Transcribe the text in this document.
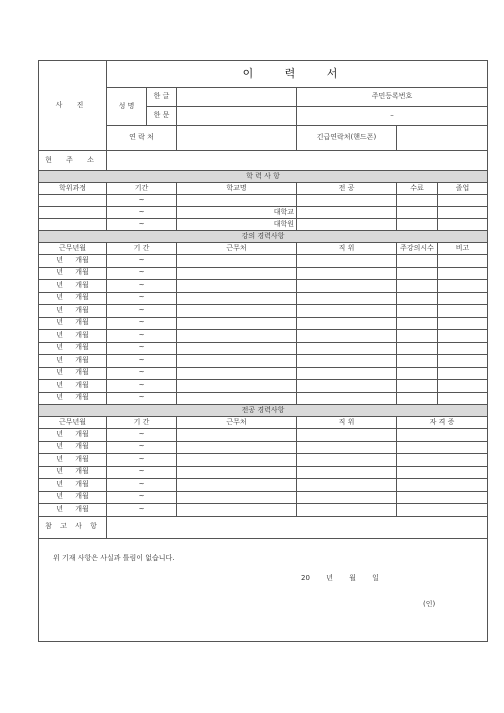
사 진	이 력 서					
	성 명	한 글		주민등록번호		
		한 문		–		
	연 락 처			긴급연락처(핸드폰)		
현 주 소						
학 력 사 항						
학위과정	기간		학교명	전 공	수료	졸업
	~					
	~		대학교			
	~		대학원			
강의 경력사항						
근무년월	기 간		근무처	직 위	주강의시수	비고
년 개월	~					
년 개월	~					
년 개월	~					
년 개월	~					
년 개월	~					
년 개월	~					
년 개월	~					
년 개월	~					
년 개월	~					
년 개월	~					
년 개월	~					
년 개월	~					
전공 경력사항						
근무년월	기 간		근무처	직 위	자 격 증	
년 개월	~					
년 개월	~					
년 개월	~					
년 개월	~					
년 개월	~					
년 개월	~					
년 개월	~					
참 고 사 항						

위 기재 사항은 사실과 틀림이 없습니다.
20 년 월 일
(인)						
